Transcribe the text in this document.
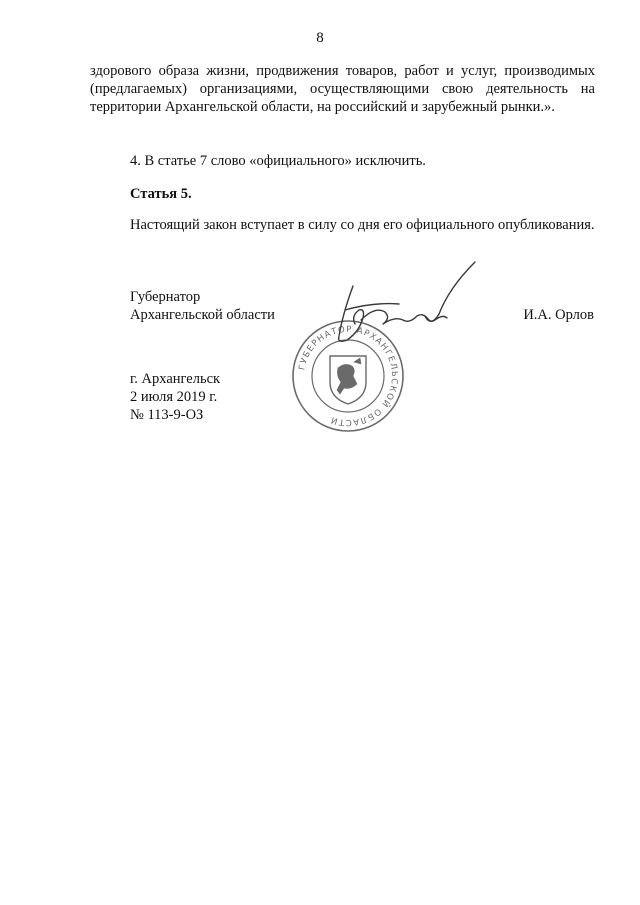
8
здорового образа жизни, продвижения товаров, работ и услуг, производимых (предлагаемых) организациями, осуществляющими свою деятельность на территории Архангельской области, на российский и зарубежный рынки.».
4. В статье 7 слово «официального» исключить.
Статья 5.
Настоящий закон вступает в силу со дня его официального опубликования.
Губернатор
Архангельской области	И.А. Орлов
г. Архангельск
2 июля 2019 г.
№ 113-9-ОЗ
ГУБЕРНАТОР АРХАНГЕЛЬСКОЙ ОБЛАСТИ
